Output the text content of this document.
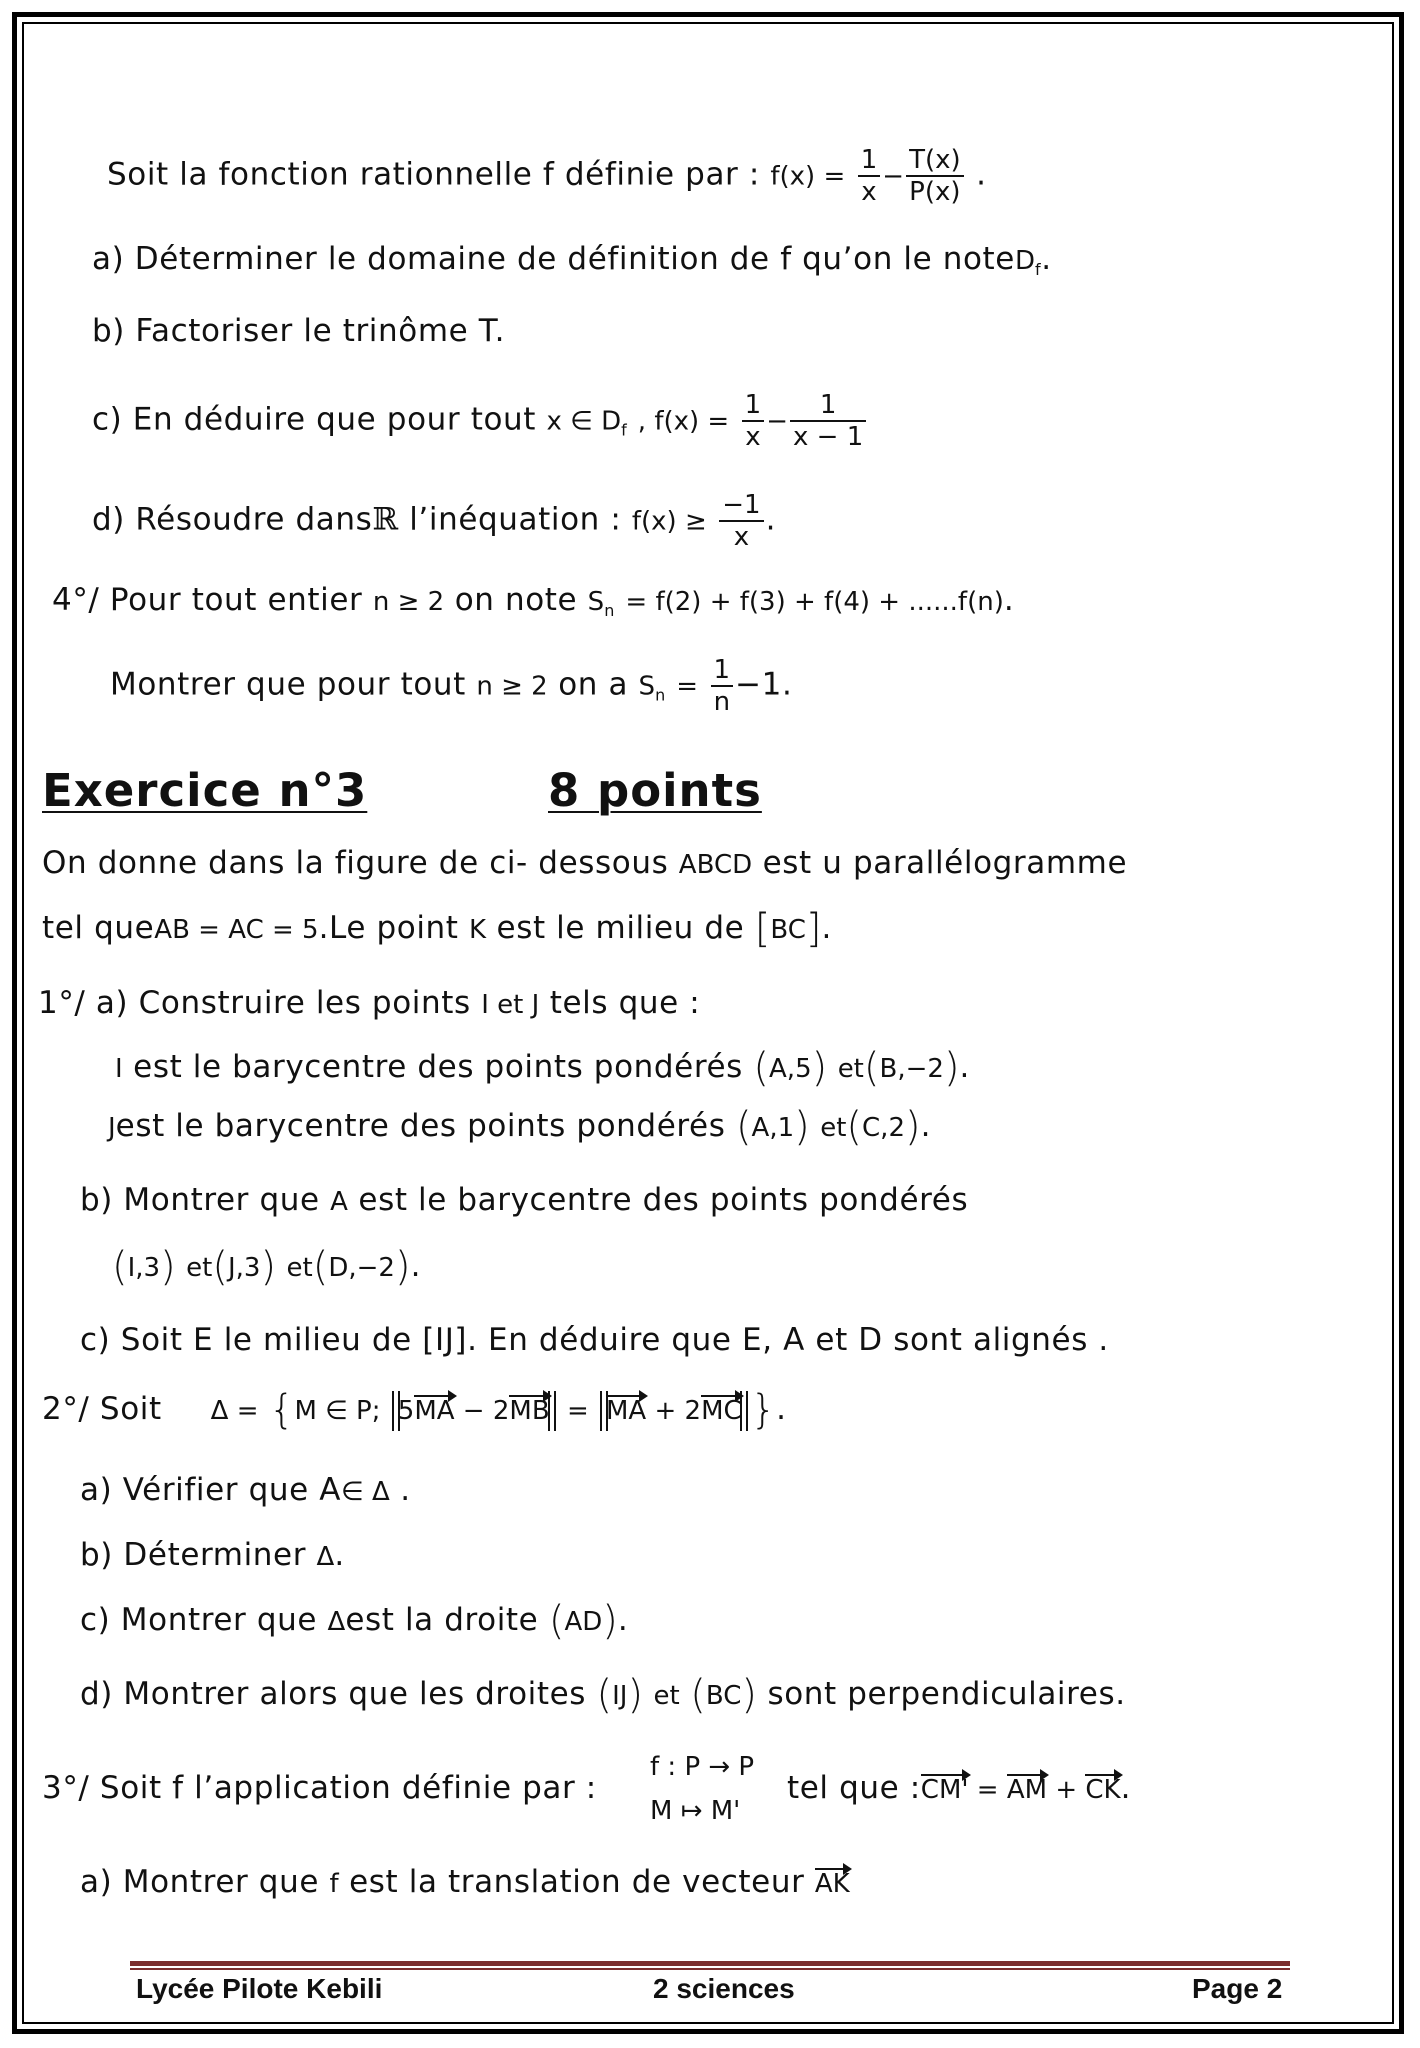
Soit la fonction rationnelle f définie par : $f(x) = \frac{1}{x} - \frac{T(x)}{P(x)}$ .
a) Déterminer le domaine de définition de f qu’on le noteDf.
b) Factoriser le trinôme T.
c) En déduire que pour tout x ∈ Df , $f(x) = \frac{1}{x} - \frac{1}{x - 1}$
d) Résoudre dansℝ l’inéquation : $f(x) \ge \frac{-1}{x}$ .
4°/ Pour tout entier n ≥ 2 on note Sn = f(2) + f(3) + f(4) + ......f(n).
Montrer que pour tout n ≥ 2 on a $Sn = \frac{1}{n} -1$.
Exercice n°3	8 points
On donne dans la figure de ci- dessous ABCD est u parallélogramme
tel queAB = AC = 5.Le point K est le milieu de [BC].
1°/ a) Construire les points I et J tels que :
I est le barycentre des points pondérés (A,5) et(B,−2).
Jest le barycentre des points pondérés (A,1) et(C,2).
b) Montrer que A est le barycentre des points pondérés
(I,3) et(J,3) et(D,−2).
c) Soit E le milieu de [IJ]. En déduire que E, A et D sont alignés .
2°/ Soit Δ = {M ∈ P; 5MA − 2MB = MA + 2MC }.
a) Vérifier que A∈ Δ .
b) Déterminer Δ.
c) Montrer que Δest la droite (AD).
d) Montrer alors que les droites (IJ) et (BC) sont perpendiculaires.
3°/ Soit f l’application définie par :
f : P → P
M ↦ M'
tel que :CM' = AM + CK.
a) Montrer que f est la translation de vecteur AK
Lycée Pilote Kebili	2 sciences	Page 2
